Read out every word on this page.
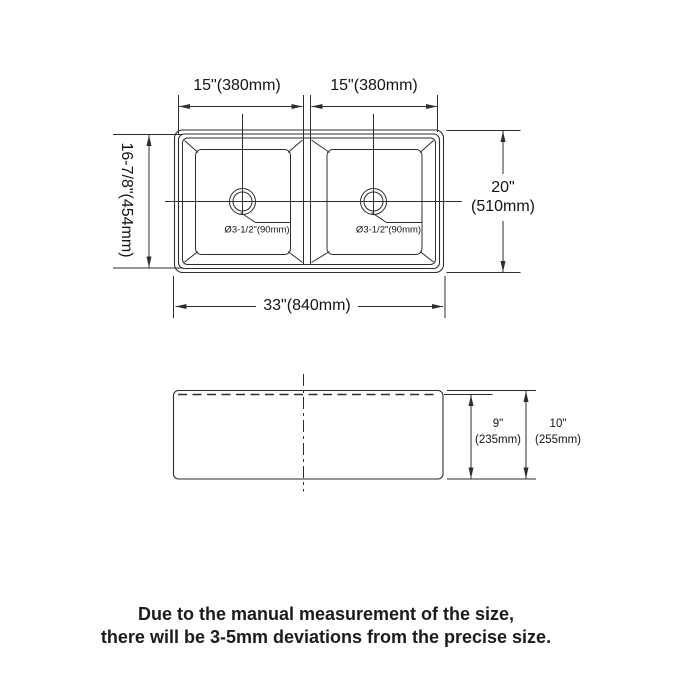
15"(380mm)	15"(380mm)
16-7/8"(454mm)	20"
(510mm)
33"(840mm)
Ø3-1/2"(90mm)	Ø3-1/2"(90mm)
9"
(235mm)
10"
(255mm)
Due to the manual measurement of the size,
there will be 3-5mm deviations from the precise size.
